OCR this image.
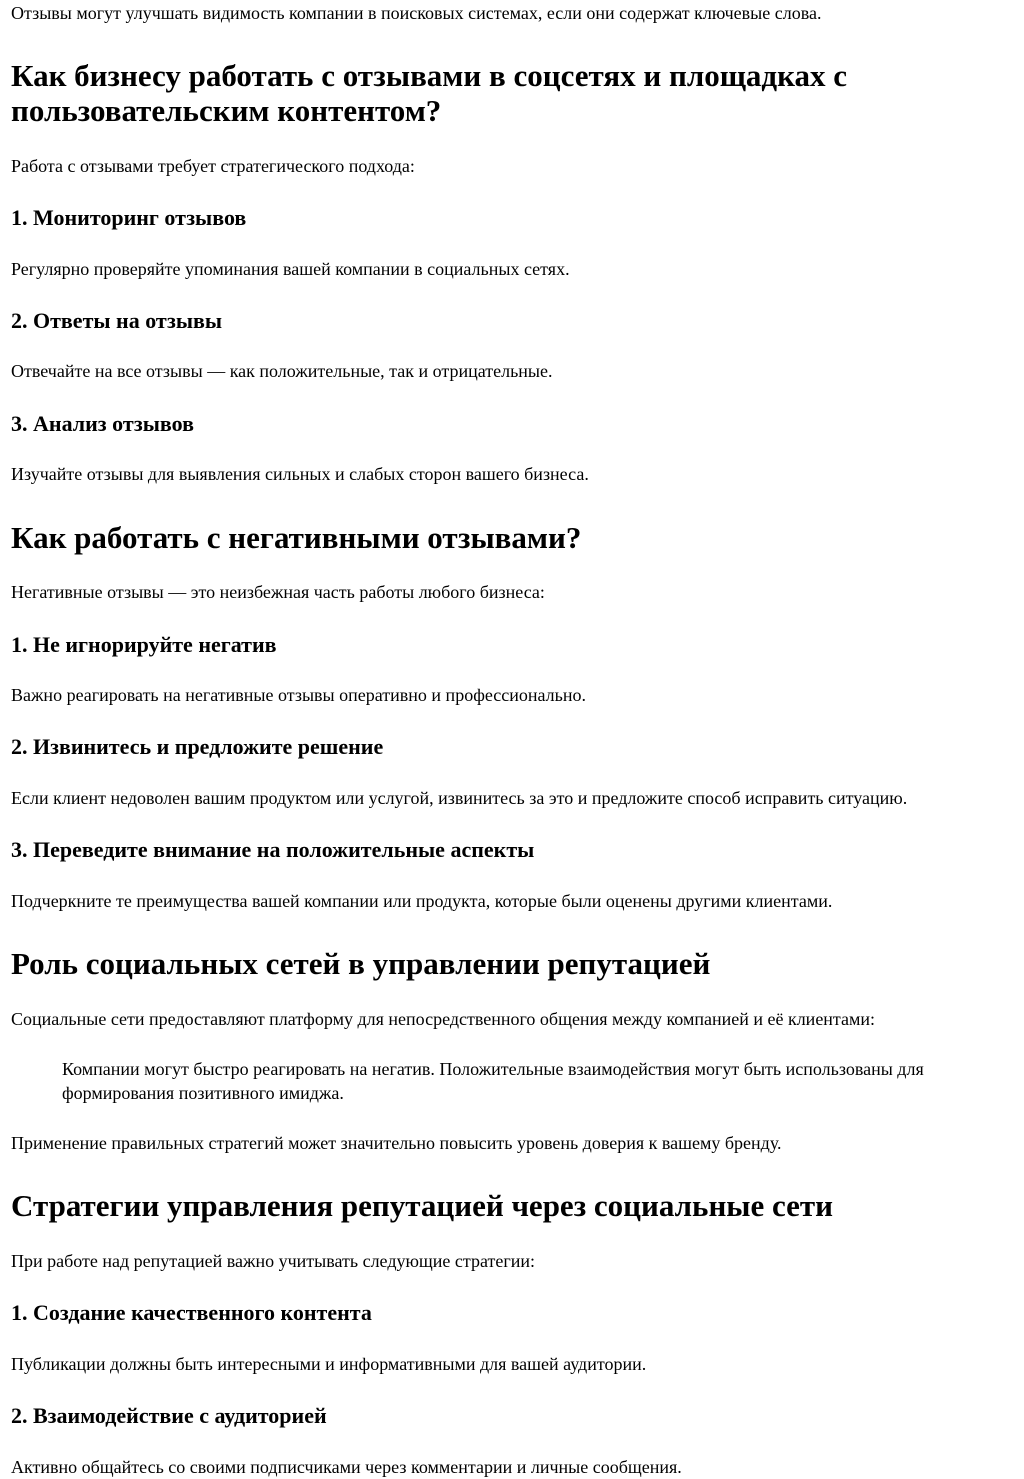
Отзывы могут улучшать видимость компании в поисковых системах, если они содержат ключевые слова.

Как бизнесу работать с отзывами в соцсетях и площадках с пользовательским контентом?

Работа с отзывами требует стратегического подхода:

1. Мониторинг отзывов

Регулярно проверяйте упоминания вашей компании в социальных сетях.

2. Ответы на отзывы

Отвечайте на все отзывы — как положительные, так и отрицательные.

3. Анализ отзывов

Изучайте отзывы для выявления сильных и слабых сторон вашего бизнеса.

Как работать с негативными отзывами?

Негативные отзывы — это неизбежная часть работы любого бизнеса:

1. Не игнорируйте негатив

Важно реагировать на негативные отзывы оперативно и профессионально.

2. Извинитесь и предложите решение

Если клиент недоволен вашим продуктом или услугой, извинитесь за это и предложите способ исправить ситуацию.

3. Переведите внимание на положительные аспекты

Подчеркните те преимущества вашей компании или продукта, которые были оценены другими клиентами.

Роль социальных сетей в управлении репутацией

Социальные сети предоставляют платформу для непосредственного общения между компанией и её клиентами:

Компании могут быстро реагировать на негатив. Положительные взаимодействия могут быть использованы для формирования позитивного имиджа.

Применение правильных стратегий может значительно повысить уровень доверия к вашему бренду.

Стратегии управления репутацией через социальные сети

При работе над репутацией важно учитывать следующие стратегии:

1. Создание качественного контента

Публикации должны быть интересными и информативными для вашей аудитории.

2. Взаимодействие с аудиторией

Активно общайтесь со своими подписчиками через комментарии и личные сообщения.
